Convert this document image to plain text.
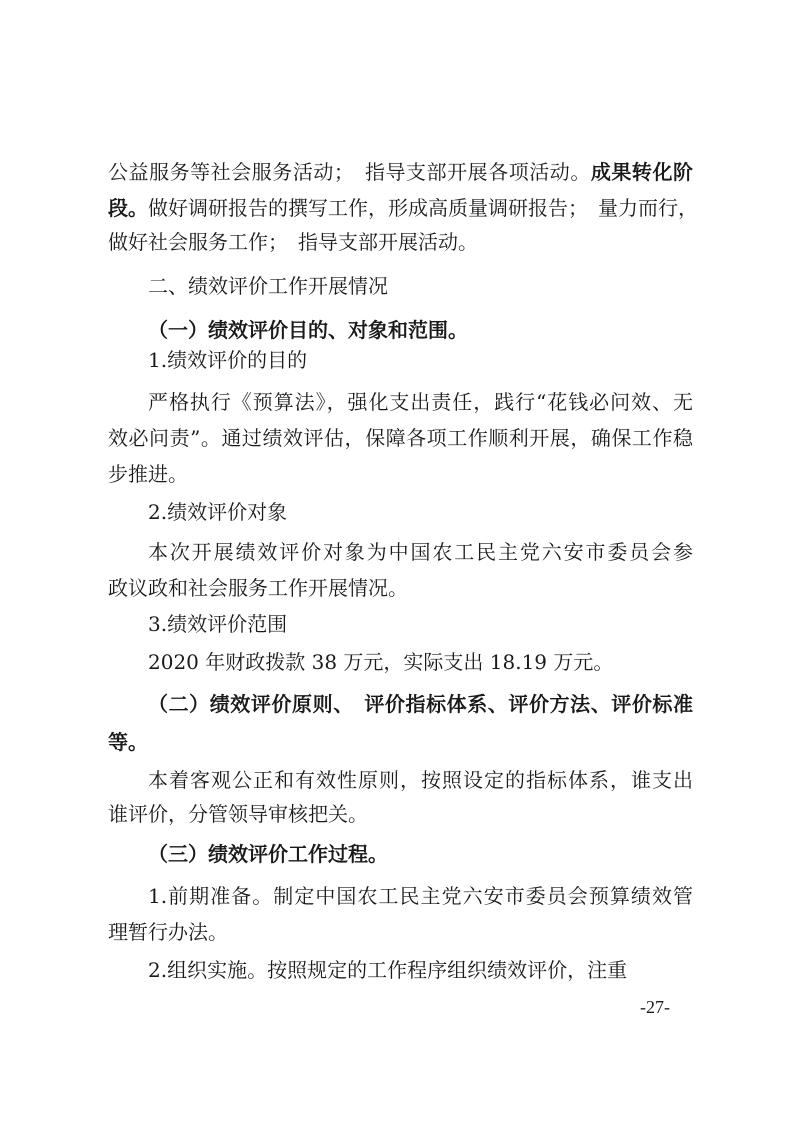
公益服务等社会服务活动；　指导支部开展各项活动。成果转化阶
段。做好调研报告的撰写工作，形成高质量调研报告；　量力而行，
做好社会服务工作；　指导支部开展活动。
二、绩效评价工作开展情况
（一）绩效评价目的、对象和范围。
1.绩效评价的目的
严格执行《预算法》，强化支出责任，践行“花钱必问效、无
效必问责”。通过绩效评估，保障各项工作顺利开展，确保工作稳
步推进。
2.绩效评价对象
本次开展绩效评价对象为中国农工民主党六安市委员会参
政议政和社会服务工作开展情况。
3.绩效评价范围
2020 年财政拨款 38 万元，实际支出 18.19 万元。
（二）绩效评价原则、　评价指标体系、评价方法、评价标准
等。
本着客观公正和有效性原则，按照设定的指标体系，谁支出
谁评价，分管领导审核把关。
（三）绩效评价工作过程。
1.前期准备。制定中国农工民主党六安市委员会预算绩效管
理暂行办法。
2.组织实施。按照规定的工作程序组织绩效评价，注重
-27-
